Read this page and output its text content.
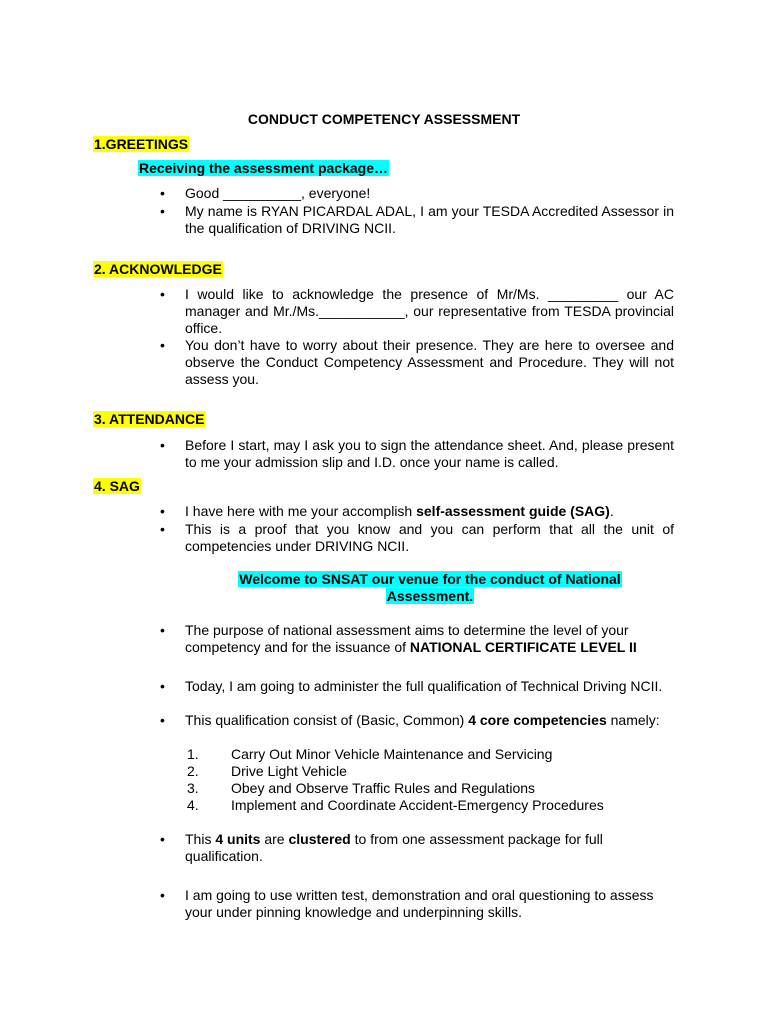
CONDUCT COMPETENCY ASSESSMENT
1.GREETINGS
Receiving the assessment package…
• Good __________, everyone!
• My name is RYAN PICARDAL ADAL, I am your TESDA Accredited Assessor in the qualification of DRIVING NCII.
2. ACKNOWLEDGE
• I would like to acknowledge the presence of Mr/Ms. _________ our AC manager and Mr./Ms.___________, our representative from TESDA provincial office.
• You don’t have to worry about their presence. They are here to oversee and observe the Conduct Competency Assessment and Procedure. They will not assess you.
3. ATTENDANCE
• Before I start, may I ask you to sign the attendance sheet. And, please present to me your admission slip and I.D. once your name is called.
4. SAG
• I have here with me your accomplish self-assessment guide (SAG).
• This is a proof that you know and you can perform that all the unit of competencies under DRIVING NCII.
Welcome to SNSAT our venue for the conduct of National
Assessment.
• The purpose of national assessment aims to determine the level of your competency and for the issuance of NATIONAL CERTIFICATE LEVEL II
• Today, I am going to administer the full qualification of Technical Driving NCII.
• This qualification consist of (Basic, Common) 4 core competencies namely:
1. Carry Out Minor Vehicle Maintenance and Servicing
2. Drive Light Vehicle
3. Obey and Observe Traffic Rules and Regulations
4. Implement and Coordinate Accident-Emergency Procedures
• This 4 units are clustered to from one assessment package for full qualification.
• I am going to use written test, demonstration and oral questioning to assess your under pinning knowledge and underpinning skills.
